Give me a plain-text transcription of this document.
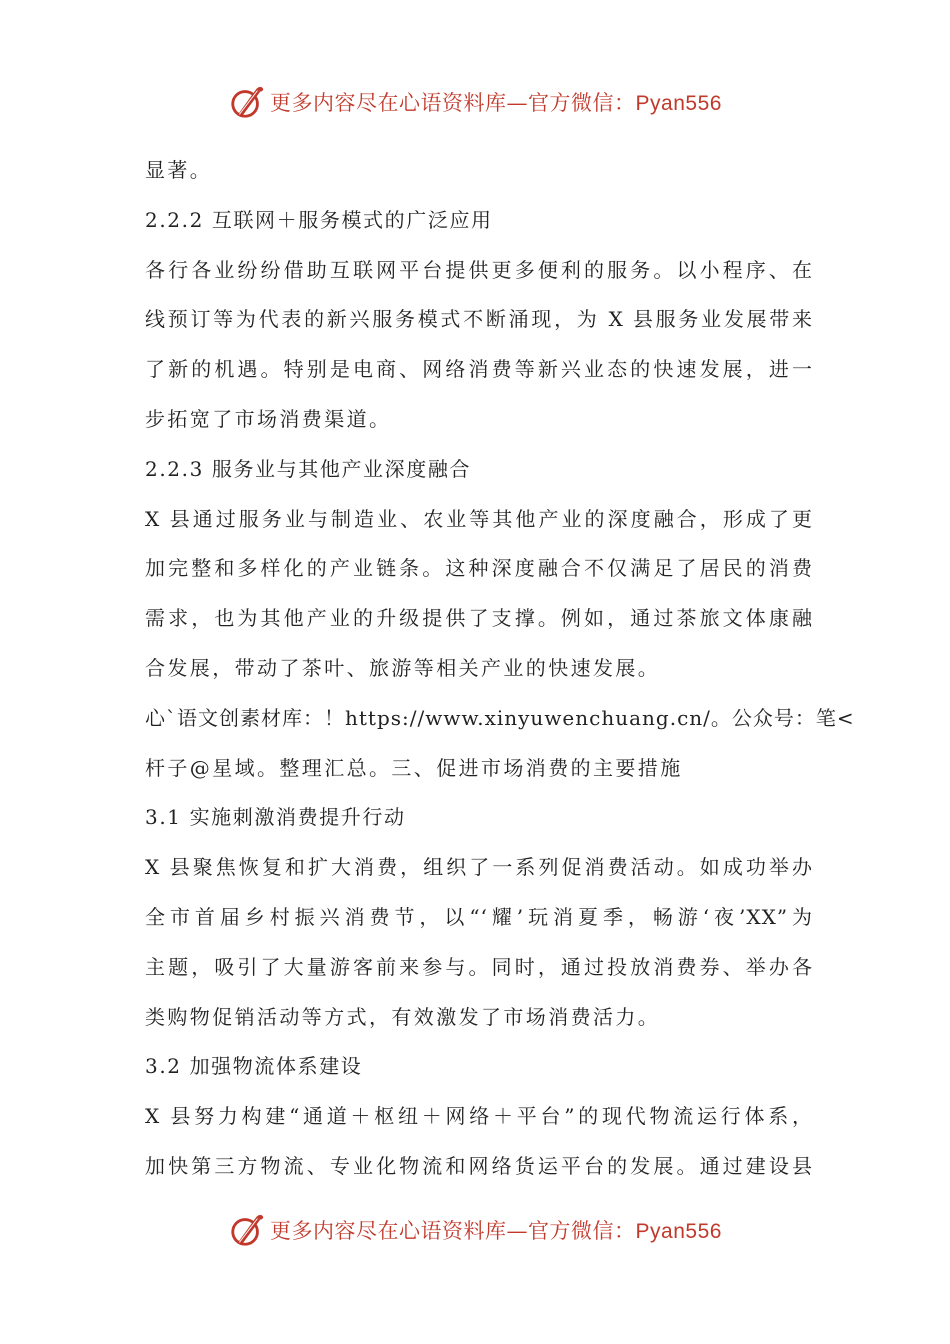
更多内容尽在心语资料库—官方微信：Pyan556
显著。
2.2.2 互联网＋服务模式的广泛应用
各行各业纷纷借助互联网平台提供更多便利的服务。以小程序、在
线预订等为代表的新兴服务模式不断涌现，为 X 县服务业发展带来
了新的机遇。特别是电商、网络消费等新兴业态的快速发展，进一
步拓宽了市场消费渠道。
2.2.3 服务业与其他产业深度融合
X 县通过服务业与制造业、农业等其他产业的深度融合，形成了更
加完整和多样化的产业链条。这种深度融合不仅满足了居民的消费
需求，也为其他产业的升级提供了支撑。例如，通过茶旅文体康融
合发展，带动了茶叶、旅游等相关产业的快速发展。
心`语文创素材库：！https://www.xinyuwenchuang.cn/。公众号：笔<
杆子@星域。整理汇总。三、促进市场消费的主要措施
3.1 实施刺激消费提升行动
X 县聚焦恢复和扩大消费，组织了一系列促消费活动。如成功举办
全市首届乡村振兴消费节，以“‘耀’玩消夏季，畅游‘夜’XX”为
主题，吸引了大量游客前来参与。同时，通过投放消费券、举办各
类购物促销活动等方式，有效激发了市场消费活力。
3.2 加强物流体系建设
X 县努力构建“通道＋枢纽＋网络＋平台”的现代物流运行体系，
加快第三方物流、专业化物流和网络货运平台的发展。通过建设县
更多内容尽在心语资料库—官方微信：Pyan556
